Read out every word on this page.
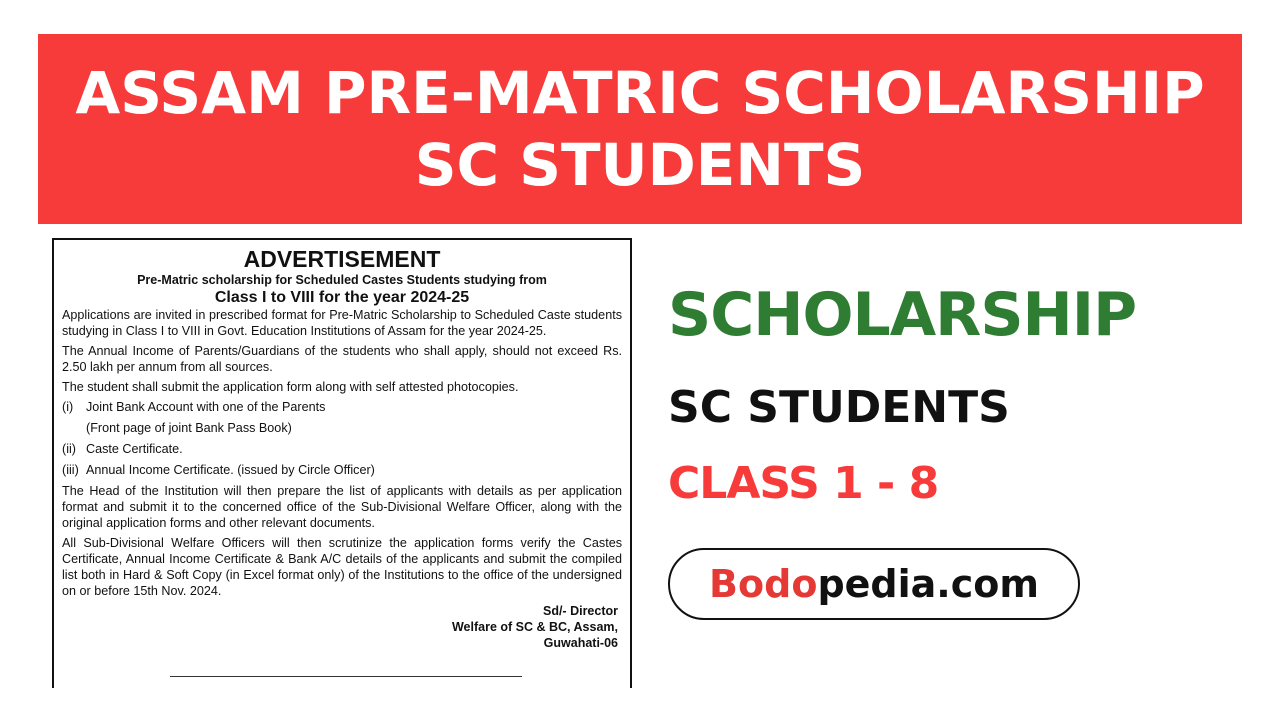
ASSAM PRE-MATRIC SCHOLARSHIP
SC STUDENTS
ADVERTISEMENT
Pre-Matric scholarship for Scheduled Castes Students studying from
Class I to VIII for the year 2024-25

Applications are invited in prescribed format for Pre-Matric Scholarship to Scheduled Caste students studying in Class I to VIII in Govt. Education Institutions of Assam for the year 2024-25.

The Annual Income of Parents/Guardians of the students who shall apply, should not exceed Rs. 2.50 lakh per annum from all sources.

The student shall submit the application form along with self attested photocopies.

(i)	Joint Bank Account with one of the Parents
(Front page of joint Bank Pass Book)
(ii) Caste Certificate.
(iii) Annual Income Certificate. (issued by Circle Officer)

The Head of the Institution will then prepare the list of applicants with details as per application format and submit it to the concerned office of the Sub-Divisional Welfare Officer, along with the original application forms and other relevant documents.

All Sub-Divisional Welfare Officers will then scrutinize the application forms verify the Castes Certificate, Annual Income Certificate & Bank A/C details of the applicants and submit the compiled list both in Hard & Soft Copy (in Excel format only) of the Institutions to the office of the undersigned on or before 15th Nov. 2024.

Sd/- Director
Welfare of SC & BC, Assam,
Guwahati-06
SCHOLARSHIP
SC STUDENTS
CLASS 1 - 8
Bodo pedia.com
